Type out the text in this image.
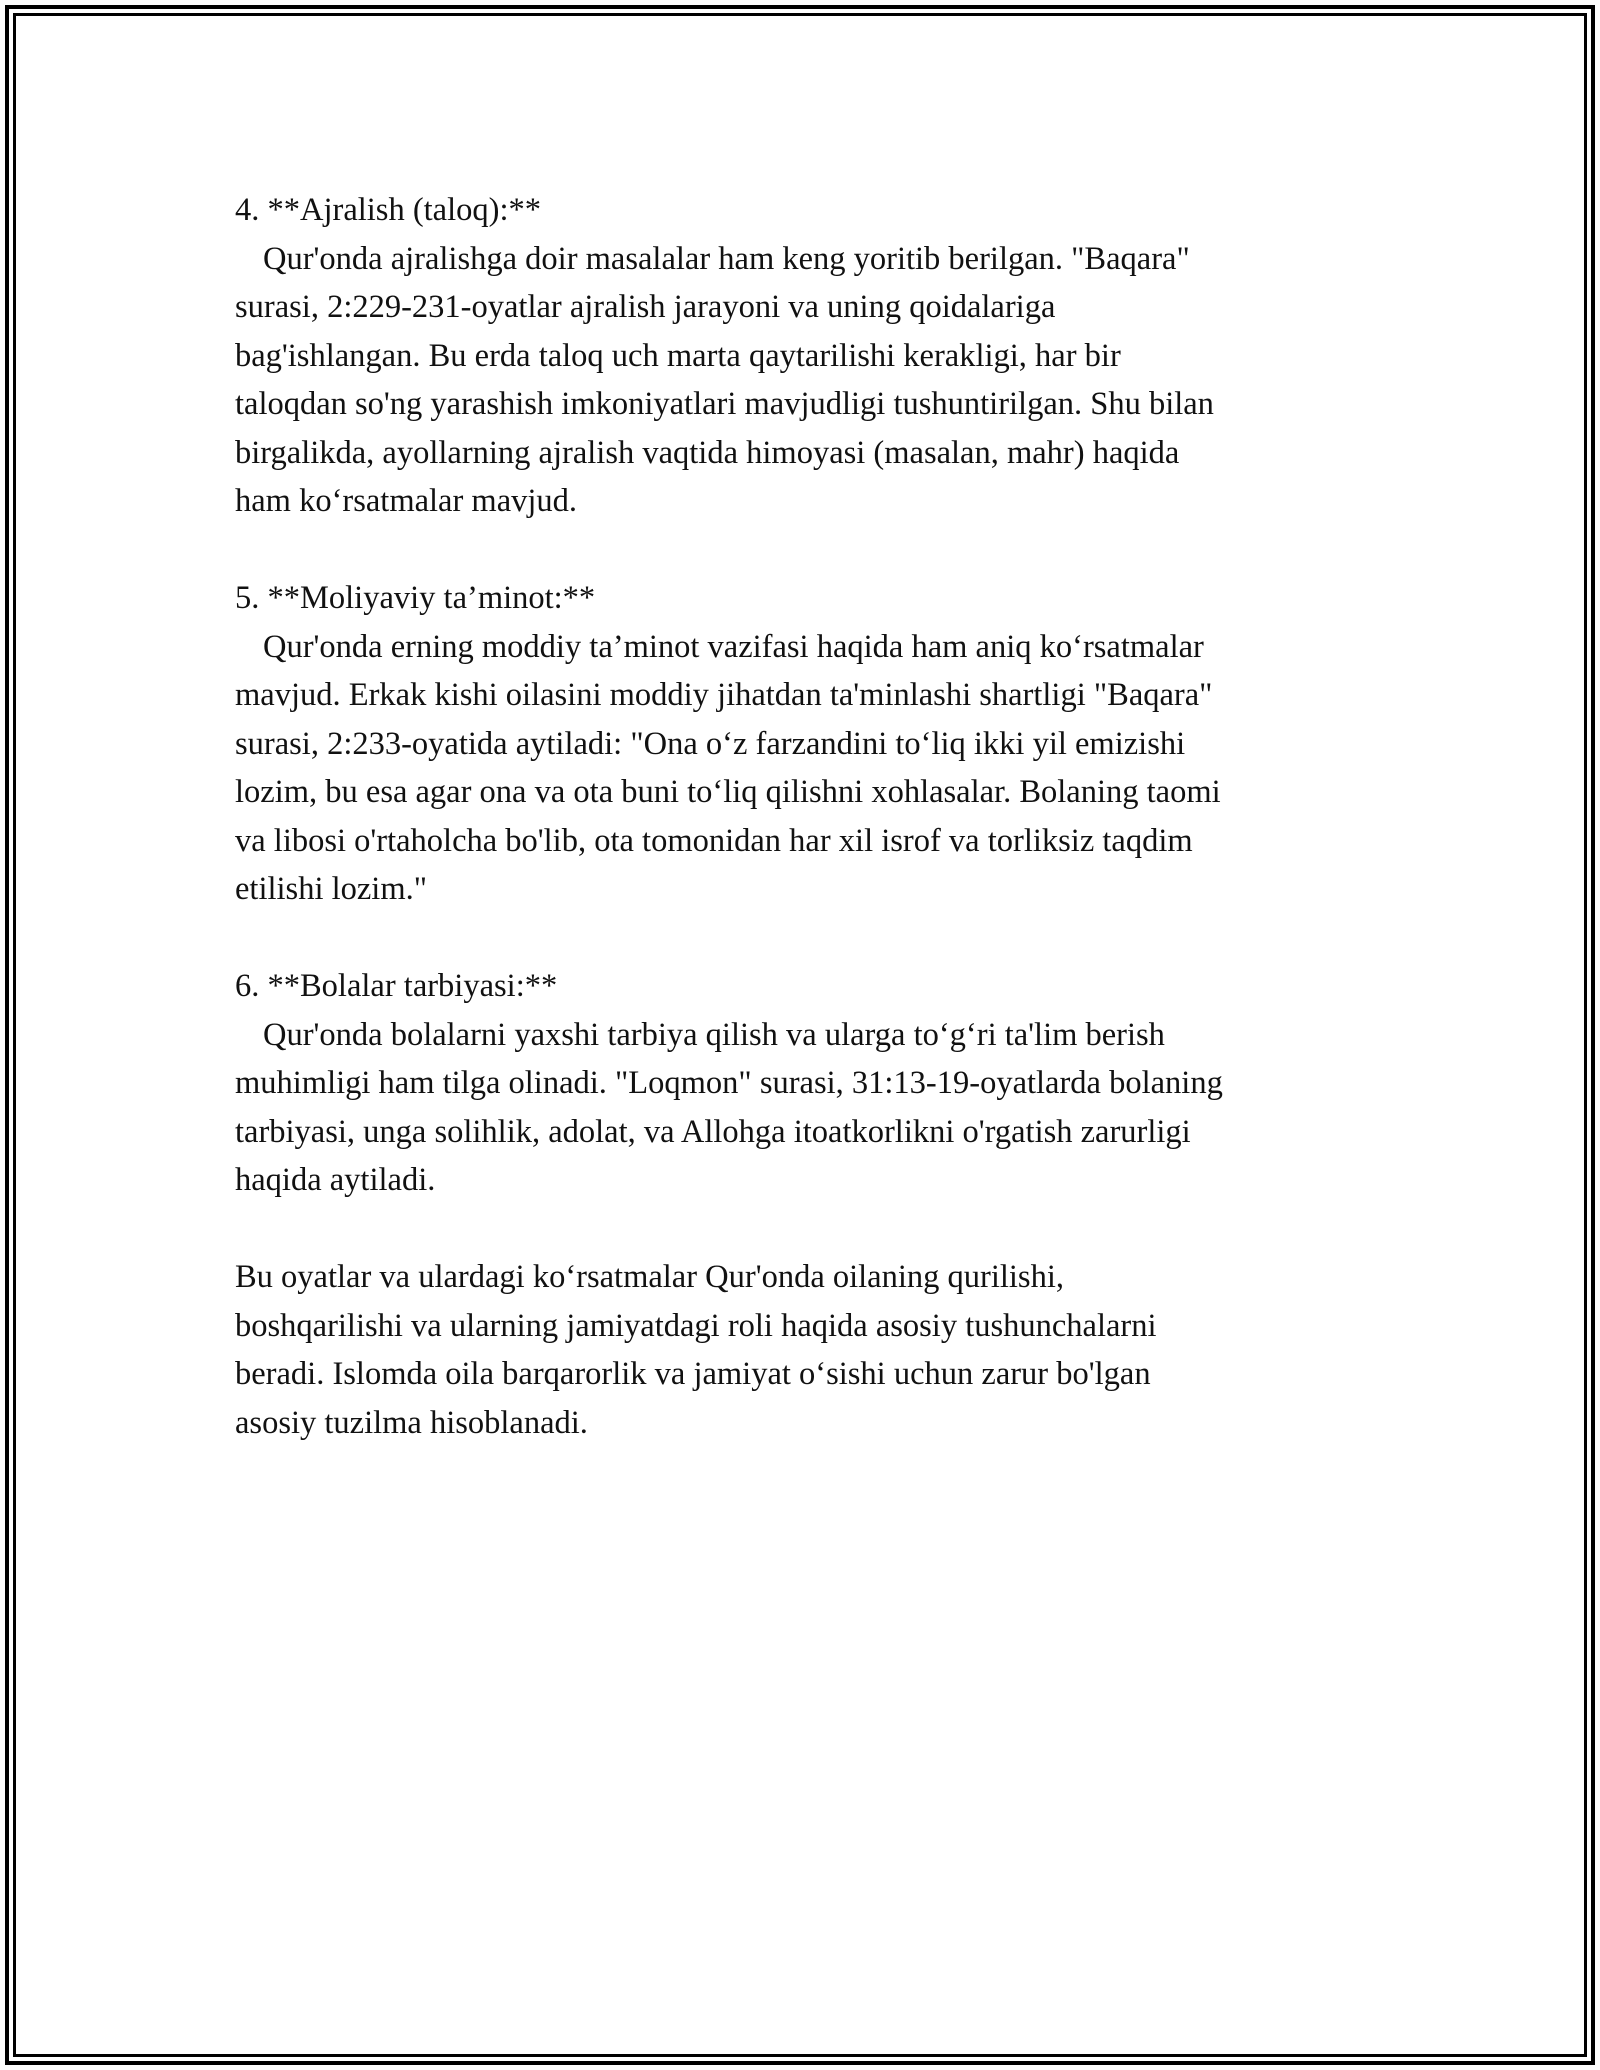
4. **Ajralish (taloq):**
Qur'onda ajralishga doir masalalar ham keng yoritib berilgan. "Baqara"
surasi, 2:229-231-oyatlar ajralish jarayoni va uning qoidalariga
bag'ishlangan. Bu erda taloq uch marta qaytarilishi kerakligi, har bir
taloqdan so'ng yarashish imkoniyatlari mavjudligi tushuntirilgan. Shu bilan
birgalikda, ayollarning ajralish vaqtida himoyasi (masalan, mahr) haqida
ham ko‘rsatmalar mavjud.
5. **Moliyaviy ta’minot:**
Qur'onda erning moddiy ta’minot vazifasi haqida ham aniq ko‘rsatmalar
mavjud. Erkak kishi oilasini moddiy jihatdan ta'minlashi shartligi "Baqara"
surasi, 2:233-oyatida aytiladi: "Ona o‘z farzandini to‘liq ikki yil emizishi
lozim, bu esa agar ona va ota buni to‘liq qilishni xohlasalar. Bolaning taomi
va libosi o'rtaholcha bo'lib, ota tomonidan har xil isrof va torliksiz taqdim
etilishi lozim."
6. **Bolalar tarbiyasi:**
Qur'onda bolalarni yaxshi tarbiya qilish va ularga to‘g‘ri ta'lim berish
muhimligi ham tilga olinadi. "Loqmon" surasi, 31:13-19-oyatlarda bolaning
tarbiyasi, unga solihlik, adolat, va Allohga itoatkorlikni o'rgatish zarurligi
haqida aytiladi.
Bu oyatlar va ulardagi ko‘rsatmalar Qur'onda oilaning qurilishi,
boshqarilishi va ularning jamiyatdagi roli haqida asosiy tushunchalarni
beradi. Islomda oila barqarorlik va jamiyat o‘sishi uchun zarur bo'lgan
asosiy tuzilma hisoblanadi.
